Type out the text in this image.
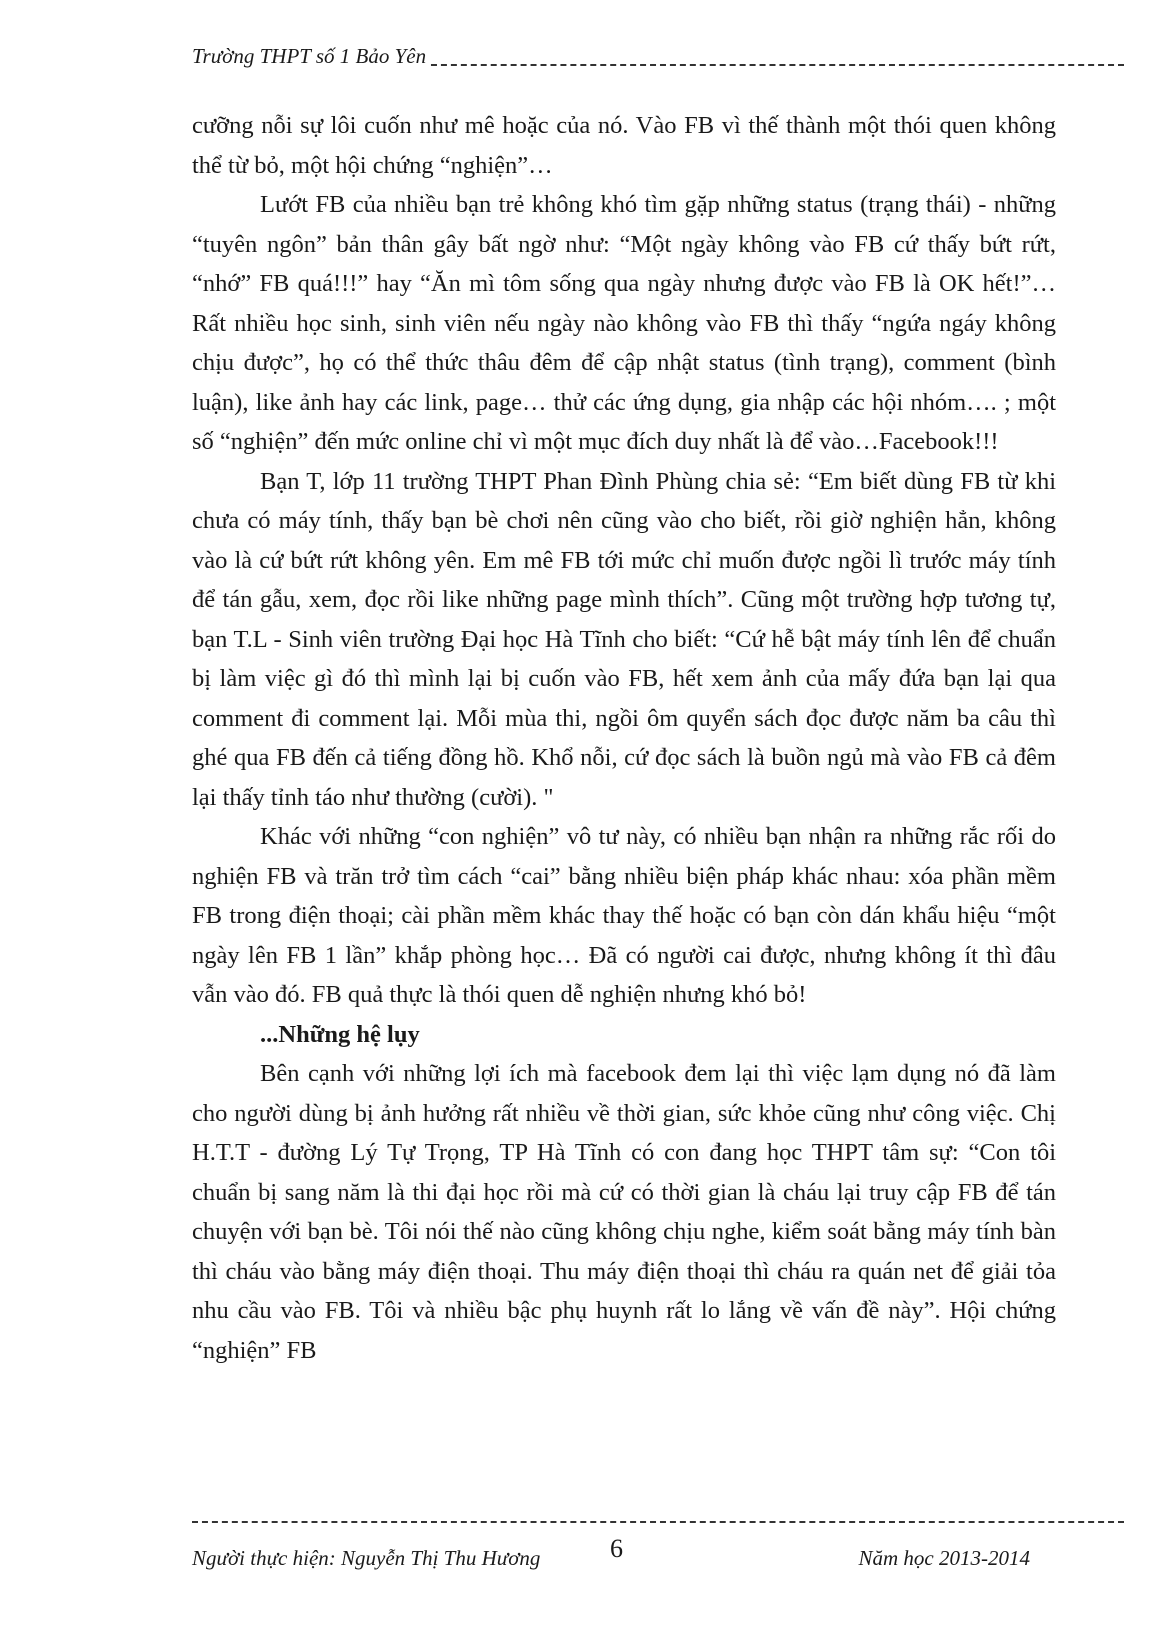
Trường THPT số 1 Bảo Yên

cưỡng nỗi sự lôi cuốn như mê hoặc của nó. Vào FB vì thế thành một thói quen không thể từ bỏ, một hội chứng “nghiện”…

Lướt FB của nhiều bạn trẻ không khó tìm gặp những status (trạng thái) - những “tuyên ngôn” bản thân gây bất ngờ như: “Một ngày không vào FB cứ thấy bứt rứt, “nhớ” FB quá!!!” hay “Ăn mì tôm sống qua ngày nhưng được vào FB là OK hết!”… Rất nhiều học sinh, sinh viên nếu ngày nào không vào FB thì thấy “ngứa ngáy không chịu được”, họ có thể thức thâu đêm để cập nhật status (tình trạng), comment (bình luận), like ảnh hay các link, page… thử các ứng dụng, gia nhập các hội nhóm…. ; một số “nghiện” đến mức online chỉ vì một mục đích duy nhất là để vào…Facebook!!!

Bạn T, lớp 11 trường THPT Phan Đình Phùng chia sẻ: “Em biết dùng FB từ khi chưa có máy tính, thấy bạn bè chơi nên cũng vào cho biết, rồi giờ nghiện hẳn, không vào là cứ bứt rứt không yên. Em mê FB tới mức chỉ muốn được ngồi lì trước máy tính để tán gẫu, xem, đọc rồi like những page mình thích”. Cũng một trường hợp tương tự, bạn T.L - Sinh viên trường Đại học Hà Tĩnh cho biết: “Cứ hễ bật máy tính lên để chuẩn bị làm việc gì đó thì mình lại bị cuốn vào FB, hết xem ảnh của mấy đứa bạn lại qua comment đi comment lại. Mỗi mùa thi, ngồi ôm quyển sách đọc được năm ba câu thì ghé qua FB đến cả tiếng đồng hồ. Khổ nỗi, cứ đọc sách là buồn ngủ mà vào FB cả đêm lại thấy tỉnh táo như thường (cười). "

Khác với những “con nghiện” vô tư này, có nhiều bạn nhận ra những rắc rối do nghiện FB và trăn trở tìm cách “cai” bằng nhiều biện pháp khác nhau: xóa phần mềm FB trong điện thoại; cài phần mềm khác thay thế hoặc có bạn còn dán khẩu hiệu “một ngày lên FB 1 lần” khắp phòng học… Đã có người cai được, nhưng không ít thì đâu vẫn vào đó. FB quả thực là thói quen dễ nghiện nhưng khó bỏ!

...Những hệ lụy

Bên cạnh với những lợi ích mà facebook đem lại thì việc lạm dụng nó đã làm cho người dùng bị ảnh hưởng rất nhiều về thời gian, sức khỏe cũng như công việc. Chị H.T.T - đường Lý Tự Trọng, TP Hà Tĩnh có con đang học THPT tâm sự: “Con tôi chuẩn bị sang năm là thi đại học rồi mà cứ có thời gian là cháu lại truy cập FB để tán chuyện với bạn bè. Tôi nói thế nào cũng không chịu nghe, kiểm soát bằng máy tính bàn thì cháu vào bằng máy điện thoại. Thu máy điện thoại thì cháu ra quán net để giải tỏa nhu cầu vào FB. Tôi và nhiều bậc phụ huynh rất lo lắng về vấn đề này”. Hội chứng “nghiện” FB

Người thực hiện: Nguyễn Thị Thu Hương	6	Năm học 2013-2014
